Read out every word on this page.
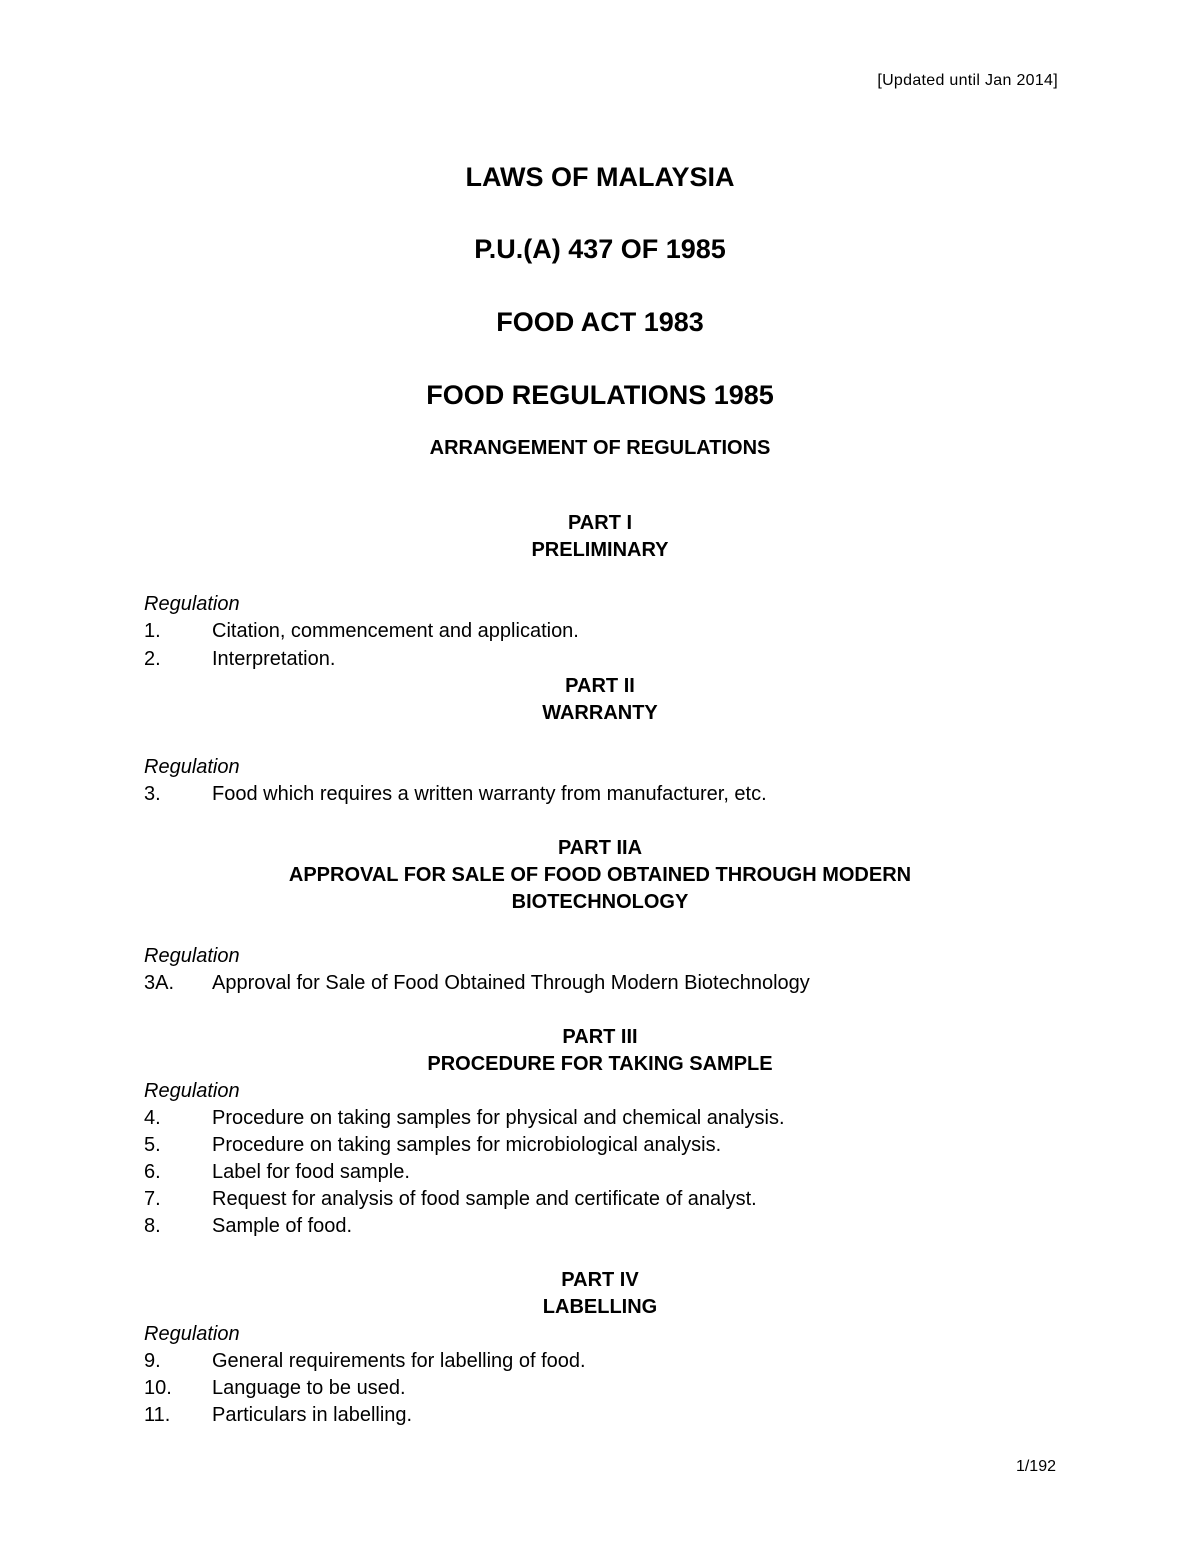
[Updated until Jan 2014]
LAWS OF MALAYSIA
P.U.(A) 437 OF 1985
FOOD ACT 1983
FOOD REGULATIONS 1985
ARRANGEMENT OF REGULATIONS
PART I
PRELIMINARY
Regulation
1.	Citation, commencement and application.
2.	Interpretation.
PART II
WARRANTY
Regulation
3.	Food which requires a written warranty from manufacturer, etc.
PART IIA
APPROVAL FOR SALE OF FOOD OBTAINED THROUGH MODERN
BIOTECHNOLOGY
Regulation
3A. Approval for Sale of Food Obtained Through Modern Biotechnology
PART III
PROCEDURE FOR TAKING SAMPLE
Regulation
4.	Procedure on taking samples for physical and chemical analysis.
5.	Procedure on taking samples for microbiological analysis.
6.	Label for food sample.
7.	Request for analysis of food sample and certificate of analyst.
8.	Sample of food.
PART IV
LABELLING
Regulation
9.	General requirements for labelling of food.
10. Language to be used.
11. Particulars in labelling.
1/192
